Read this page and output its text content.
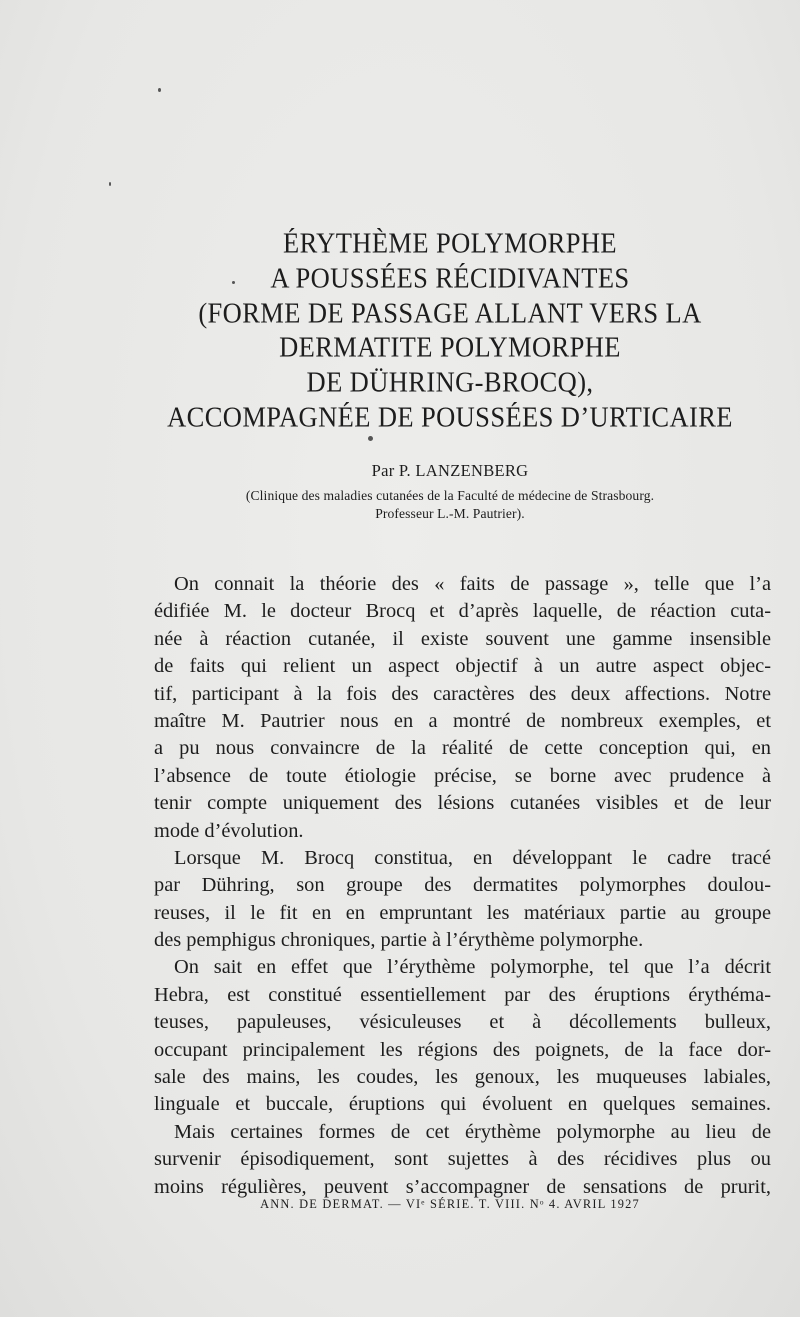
ÉRYTHÈME POLYMORPHE
A POUSSÉES RÉCIDIVANTES
(FORME DE PASSAGE ALLANT VERS LA
DERMATITE POLYMORPHE
DE DÜHRING-BROCQ),
ACCOMPAGNÉE DE POUSSÉES D’URTICAIRE
Par P. LANZENBERG
(Clinique des maladies cutanées de la Faculté de médecine de Strasbourg.
Professeur L.-M. Pautrier).
On connait la théorie des « faits de passage », telle que l’a
édifiée M. le docteur Brocq et d’après laquelle, de réaction cuta-
née à réaction cutanée, il existe souvent une gamme insensible
de faits qui relient un aspect objectif à un autre aspect objec-
tif, participant à la fois des caractères des deux affections. Notre
maître M. Pautrier nous en a montré de nombreux exemples, et
a pu nous convaincre de la réalité de cette conception qui, en
l’absence de toute étiologie précise, se borne avec prudence à
tenir compte uniquement des lésions cutanées visibles et de leur
mode d’évolution.
Lorsque M. Brocq constitua, en développant le cadre tracé
par Dühring, son groupe des dermatites polymorphes doulou-
reuses, il le fit en en empruntant les matériaux partie au groupe
des pemphigus chroniques, partie à l’érythème polymorphe.
On sait en effet que l’érythème polymorphe, tel que l’a décrit
Hebra, est constitué essentiellement par des éruptions érythéma-
teuses, papuleuses, vésiculeuses et à décollements bulleux,
occupant principalement les régions des poignets, de la face dor-
sale des mains, les coudes, les genoux, les muqueuses labiales,
linguale et buccale, éruptions qui évoluent en quelques semaines.
Mais certaines formes de cet érythème polymorphe au lieu de
survenir épisodiquement, sont sujettes à des récidives plus ou
moins régulières, peuvent s’accompagner de sensations de prurit,
ANN. DE DERMAT. — VIᵉ SÉRIE. T. VIII. Nᵒ 4. AVRIL 1927
